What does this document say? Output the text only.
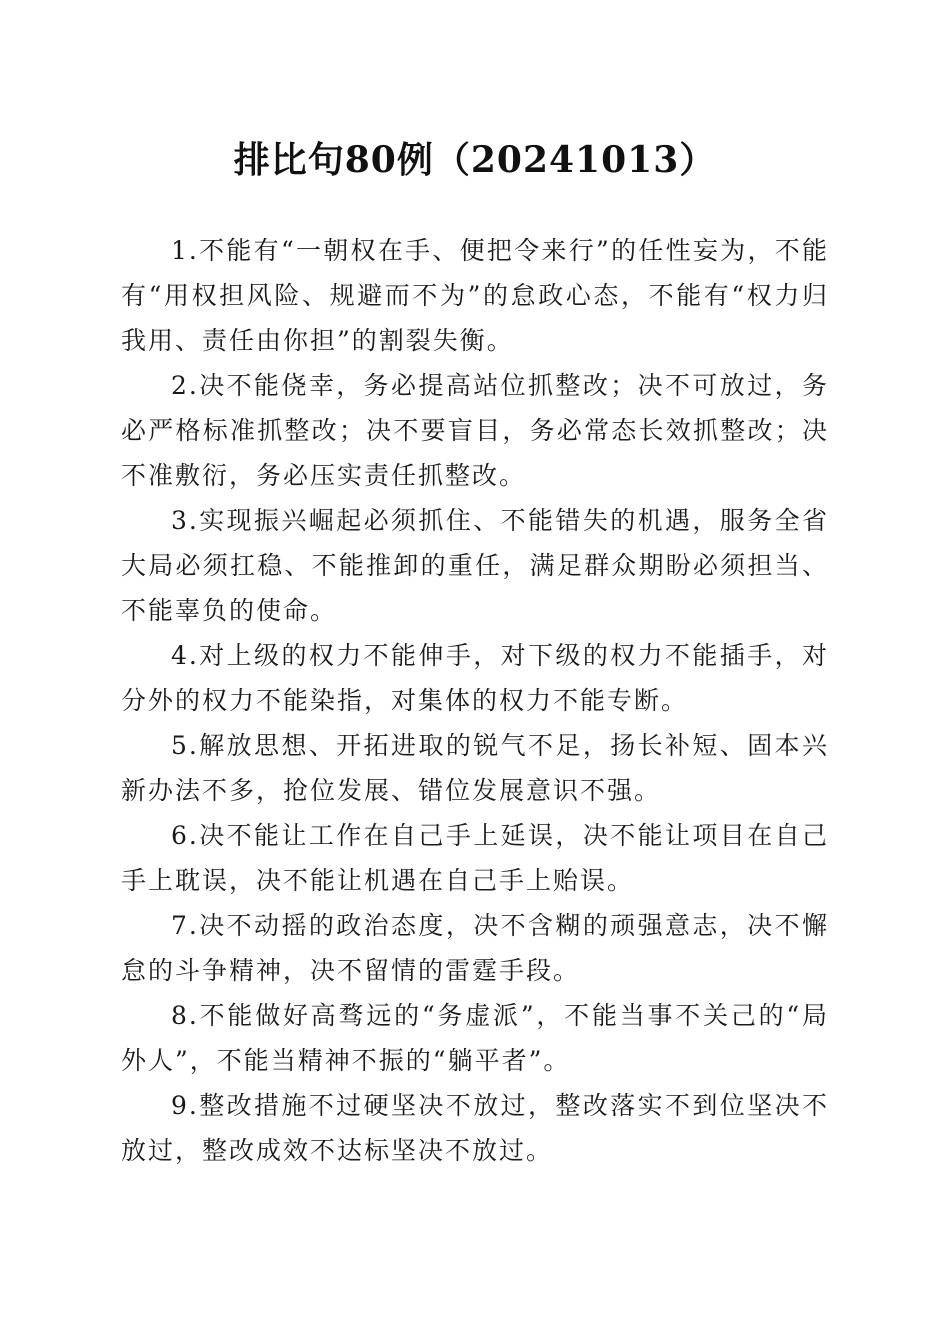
排比句80例（20241013）

1.不能有“一朝权在手、便把令来行”的任性妄为，不能有“用权担风险、规避而不为”的怠政心态，不能有“权力归我用、责任由你担”的割裂失衡。

2.决不能侥幸，务必提高站位抓整改；决不可放过，务必严格标准抓整改；决不要盲目，务必常态长效抓整改；决不准敷衍，务必压实责任抓整改。

3.实现振兴崛起必须抓住、不能错失的机遇，服务全省大局必须扛稳、不能推卸的重任，满足群众期盼必须担当、不能辜负的使命。

4.对上级的权力不能伸手，对下级的权力不能插手，对分外的权力不能染指，对集体的权力不能专断。

5.解放思想、开拓进取的锐气不足，扬长补短、固本兴新办法不多，抢位发展、错位发展意识不强。

6.决不能让工作在自己手上延误，决不能让项目在自己手上耽误，决不能让机遇在自己手上贻误。

7.决不动摇的政治态度，决不含糊的顽强意志，决不懈怠的斗争精神，决不留情的雷霆手段。

8.不能做好高骛远的“务虚派”，不能当事不关己的“局外人”，不能当精神不振的“躺平者”。

9.整改措施不过硬坚决不放过，整改落实不到位坚决不放过，整改成效不达标坚决不放过。
